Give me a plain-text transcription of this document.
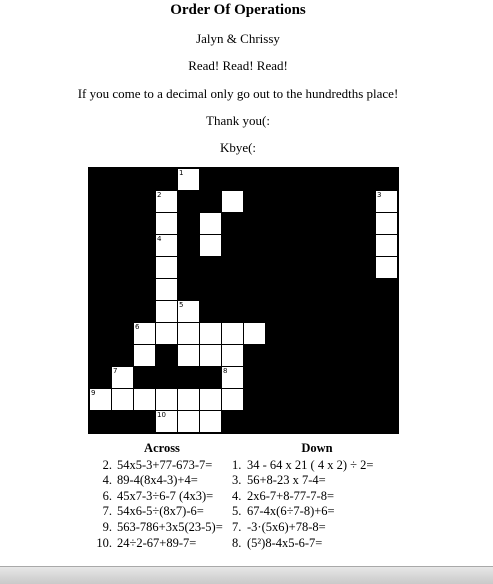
Order Of Operations
Jalyn & Chrissy
Read! Read! Read!
If you come to a decimal only go out to the hundredths place!
Thank you(:
Kbye(:
1
2	3
4
5
6
7	8
9
10
Across
2. 54x5-3+77-673-7=
4. 89-4(8x4-3)+4=
6. 45x7-3÷6-7 (4x3)=
7. 54x6-5÷(8x7)-6=
9. 563-786+3x5(23-5)=
10. 24÷2-67+89-7=
Down
1. 34 - 64 x 21 ( 4 x 2) ÷ 2=
3. 56+8-23 x 7-4=
4. 2x6-7+8-77-7-8=
5. 67-4x(6÷7-8)+6=
7. -3·(5x6)+78-8=
8. (5²)8-4x5-6-7=
